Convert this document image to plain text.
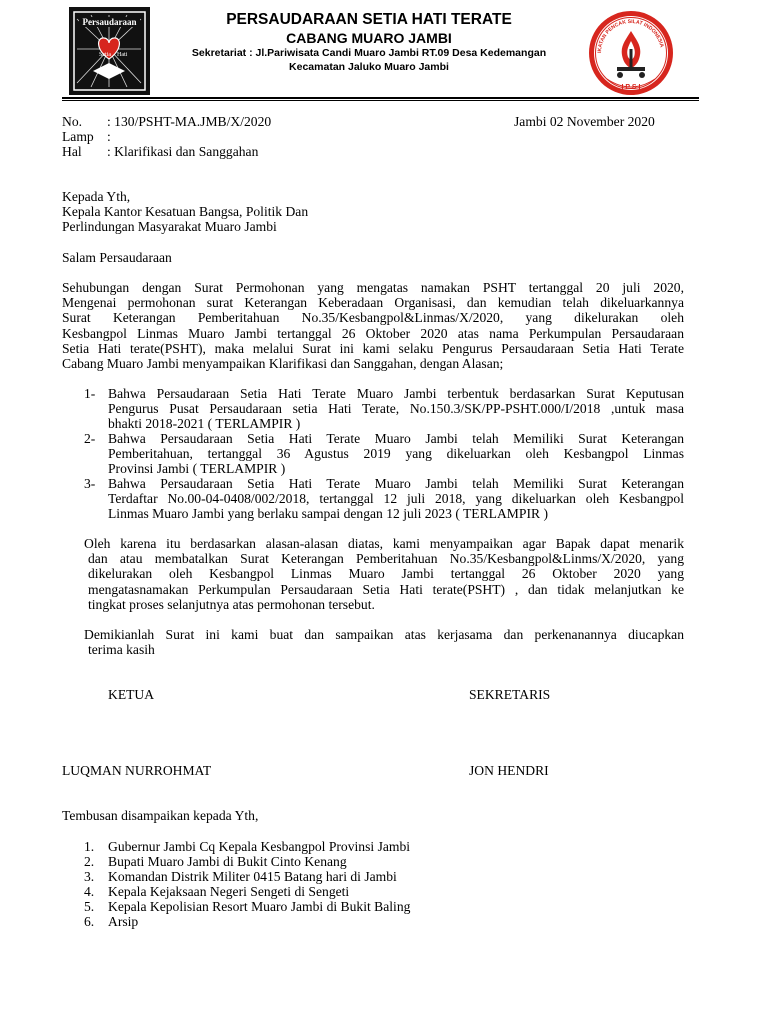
Setia Hati
Persaudaraan	PERSAUDARAAN SETIA HATI TERATE
CABANG MUARO JAMBI
Sekretariat : Jl.Pariwisata Candi Muaro Jambi RT.09 Desa Kedemangan
Kecamatan Jaluko Muaro Jambi
IKATAN PENCAK SILAT INDONESIA
I P S I
No. : 130/PSHT-MA.JMB/X/2020
Lamp :
Hal : Klarifikasi dan Sanggahan
Jambi 02 November 2020
Kepada Yth,
Kepala Kantor Kesatuan Bangsa, Politik Dan
Perlindungan Masyarakat Muaro Jambi
Salam Persaudaraan
Sehubungan dengan Surat Permohonan yang mengatas namakan PSHT tertanggal 20 juli 2020,
Mengenai permohonan surat Keterangan Keberadaan Organisasi, dan kemudian telah dikeluarkannya
Surat Keterangan Pemberitahuan No.35/Kesbangpol&Linmas/X/2020, yang dikelurakan oleh
Kesbangpol Linmas Muaro Jambi tertanggal 26 Oktober 2020 atas nama Perkumpulan Persaudaraan
Setia Hati terate(PSHT), maka melalui Surat ini kami selaku Pengurus Persaudaraan Setia Hati Terate
Cabang Muaro Jambi menyampaikan Klarifikasi dan Sanggahan, dengan Alasan;
1- Bahwa Persaudaraan Setia Hati Terate Muaro Jambi terbentuk berdasarkan Surat Keputusan
Pengurus Pusat Persaudaraan setia Hati Terate, No.150.3/SK/PP-PSHT.000/I/2018 ,untuk masa
bhakti 2018-2021 ( TERLAMPIR )
2- Bahwa Persaudaraan Setia Hati Terate Muaro Jambi telah Memiliki Surat Keterangan
Pemberitahuan, tertanggal 36 Agustus 2019 yang dikeluarkan oleh Kesbangpol Linmas
Provinsi Jambi ( TERLAMPIR )
3- Bahwa Persaudaraan Setia Hati Terate Muaro Jambi telah Memiliki Surat Keterangan
Terdaftar No.00-04-0408/002/2018, tertanggal 12 juli 2018, yang dikeluarkan oleh Kesbangpol
Linmas Muaro Jambi yang berlaku sampai dengan 12 juli 2023 ( TERLAMPIR )
Oleh karena itu berdasarkan alasan-alasan diatas, kami menyampaikan agar Bapak dapat menarik
dan atau membatalkan Surat Keterangan Pemberitahuan No.35/Kesbangpol&Linms/X/2020, yang
dikelurakan oleh Kesbangpol Linmas Muaro Jambi tertanggal 26 Oktober 2020 yang
mengatasnamakan Perkumpulan Persaudaraan Setia Hati terate(PSHT) , dan tidak melanjutkan ke
tingkat proses selanjutnya atas permohonan tersebut.
Demikianlah Surat ini kami buat dan sampaikan atas kerjasama dan perkenanannya diucapkan
terima kasih
KETUA	SEKRETARIS
LUQMAN NURROHMAT	JON HENDRI
Tembusan disampaikan kepada Yth,
1.	Gubernur Jambi Cq Kepala Kesbangpol Provinsi Jambi
2.	Bupati Muaro Jambi di Bukit Cinto Kenang
3.	Komandan Distrik Militer 0415 Batang hari di Jambi
4.	Kepala Kejaksaan Negeri Sengeti di Sengeti
5.	Kepala Kepolisian Resort Muaro Jambi di Bukit Baling
6.	Arsip
